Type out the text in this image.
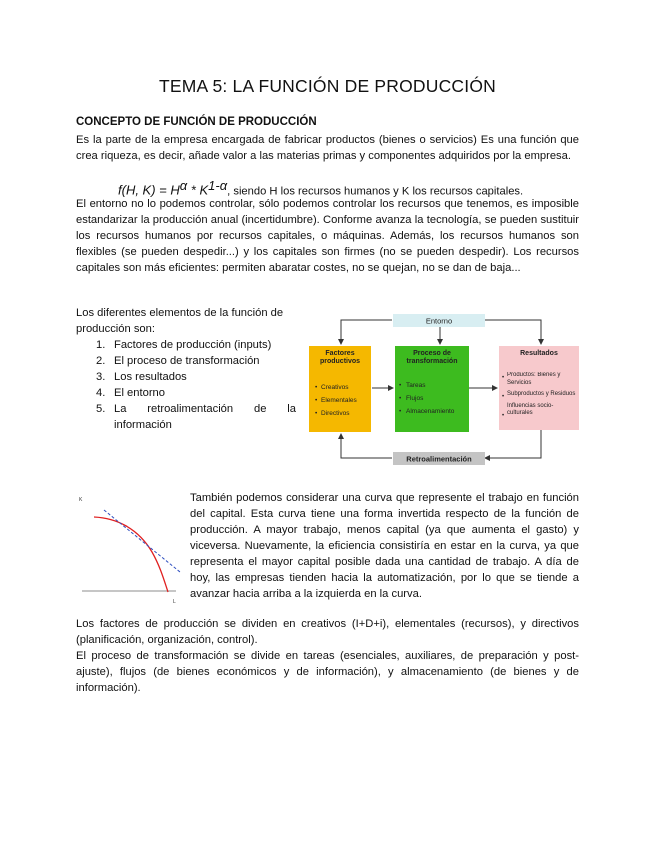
TEMA 5: LA FUNCIÓN DE PRODUCCIÓN
CONCEPTO DE FUNCIÓN DE PRODUCCIÓN
Es la parte de la empresa encargada de fabricar productos (bienes o servicios) Es una función que crea riqueza, es decir, añade valor a las materias primas y componentes adquiridos por la empresa.
f(H, $K) = H^\alpha * K^{1-\alpha}$, siendo H los recursos humanos y K los recursos capitales.
El entorno no lo podemos controlar, sólo podemos controlar los recursos que tenemos, es imposible estandarizar la producción anual (incertidumbre). Conforme avanza la tecnología, se pueden sustituir los recursos humanos por recursos capitales, o máquinas. Además, los recursos humanos son flexibles (se pueden despedir...) y los capitales son firmes (no se pueden despedir). Los recursos capitales son más eficientes: permiten abaratar costes, no se quejan, no se dan de baja...
Los diferentes elementos de la función de producción son:
1. Factores de producción (inputs)
2. El proceso de transformación
3. Los resultados
4. El entorno
5. La retroalimentación de la
información
Entorno
Factores
productivos
• Creativos
• Elementales
• Directivos
Proceso de
transformación
• Tareas
• Flujos
• Almacenamiento
Resultados
• Productos: Bienes y Servicios
Subproductos y Residuos
Influencias socio-culturales
•
•
Retroalimentación
K
L
También podemos considerar una curva que represente el trabajo en función del capital. Esta curva tiene una forma invertida respecto de la función de producción. A mayor trabajo, menos capital (ya que aumenta el gasto) y viceversa. Nuevamente, la eficiencia consistiría en estar en la curva, ya que representa el mayor capital posible dada una cantidad de trabajo. A día de hoy, las empresas tienden hacia la automatización, por lo que se tiende a avanzar hacia arriba a la izquierda en la curva.
Los factores de producción se dividen en creativos (I+D+i), elementales (recursos), y directivos (planificación, organización, control).
El proceso de transformación se divide en tareas (esenciales, auxiliares, de preparación y post-ajuste), flujos (de bienes económicos y de información), y almacenamiento (de bienes y de información).
